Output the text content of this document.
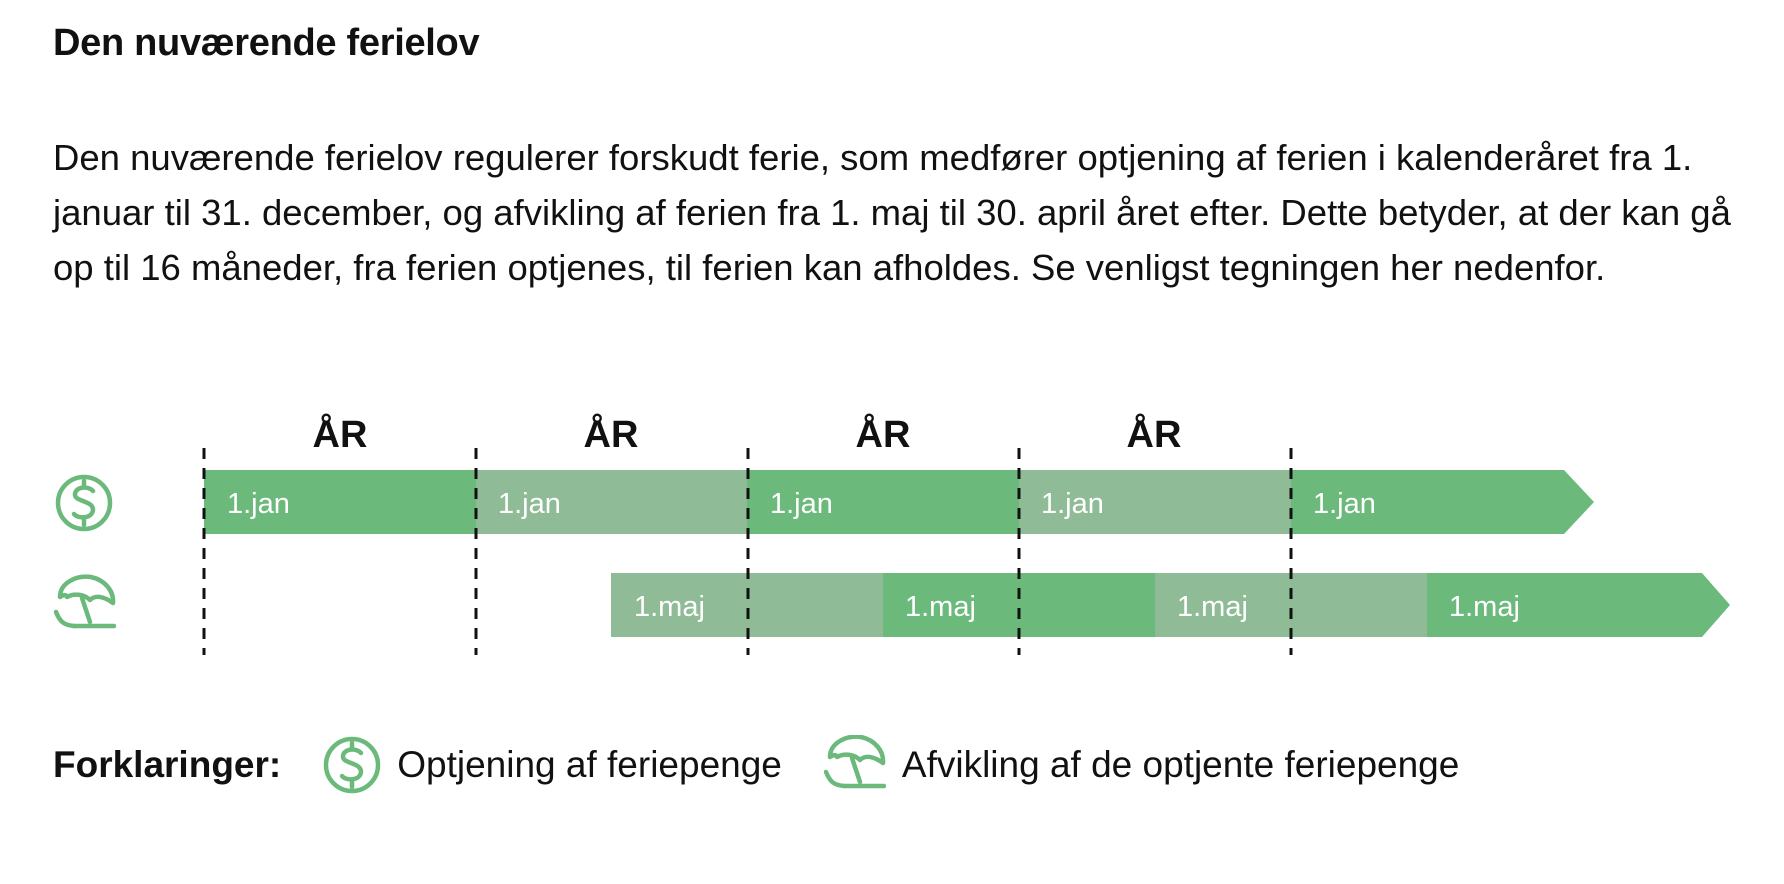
Den nuværende ferielov

Den nuværende ferielov regulerer forskudt ferie, som medfører optjening af ferien i kalenderåret fra 1. januar til 31. december, og afvikling af ferien fra 1. maj til 30. april året efter. Dette betyder, at der kan gå op til 16 måneder, fra ferien optjenes, til ferien kan afholdes. Se venligst tegningen her nedenfor.

ÅR	ÅR	ÅR	ÅR
1.jan	1.jan	1.jan	1.jan	1.jan
1.maj	1.maj	1.maj	1.maj
Forklaringer:	Optjening af feriepenge	Afvikling af de optjente feriepenge
